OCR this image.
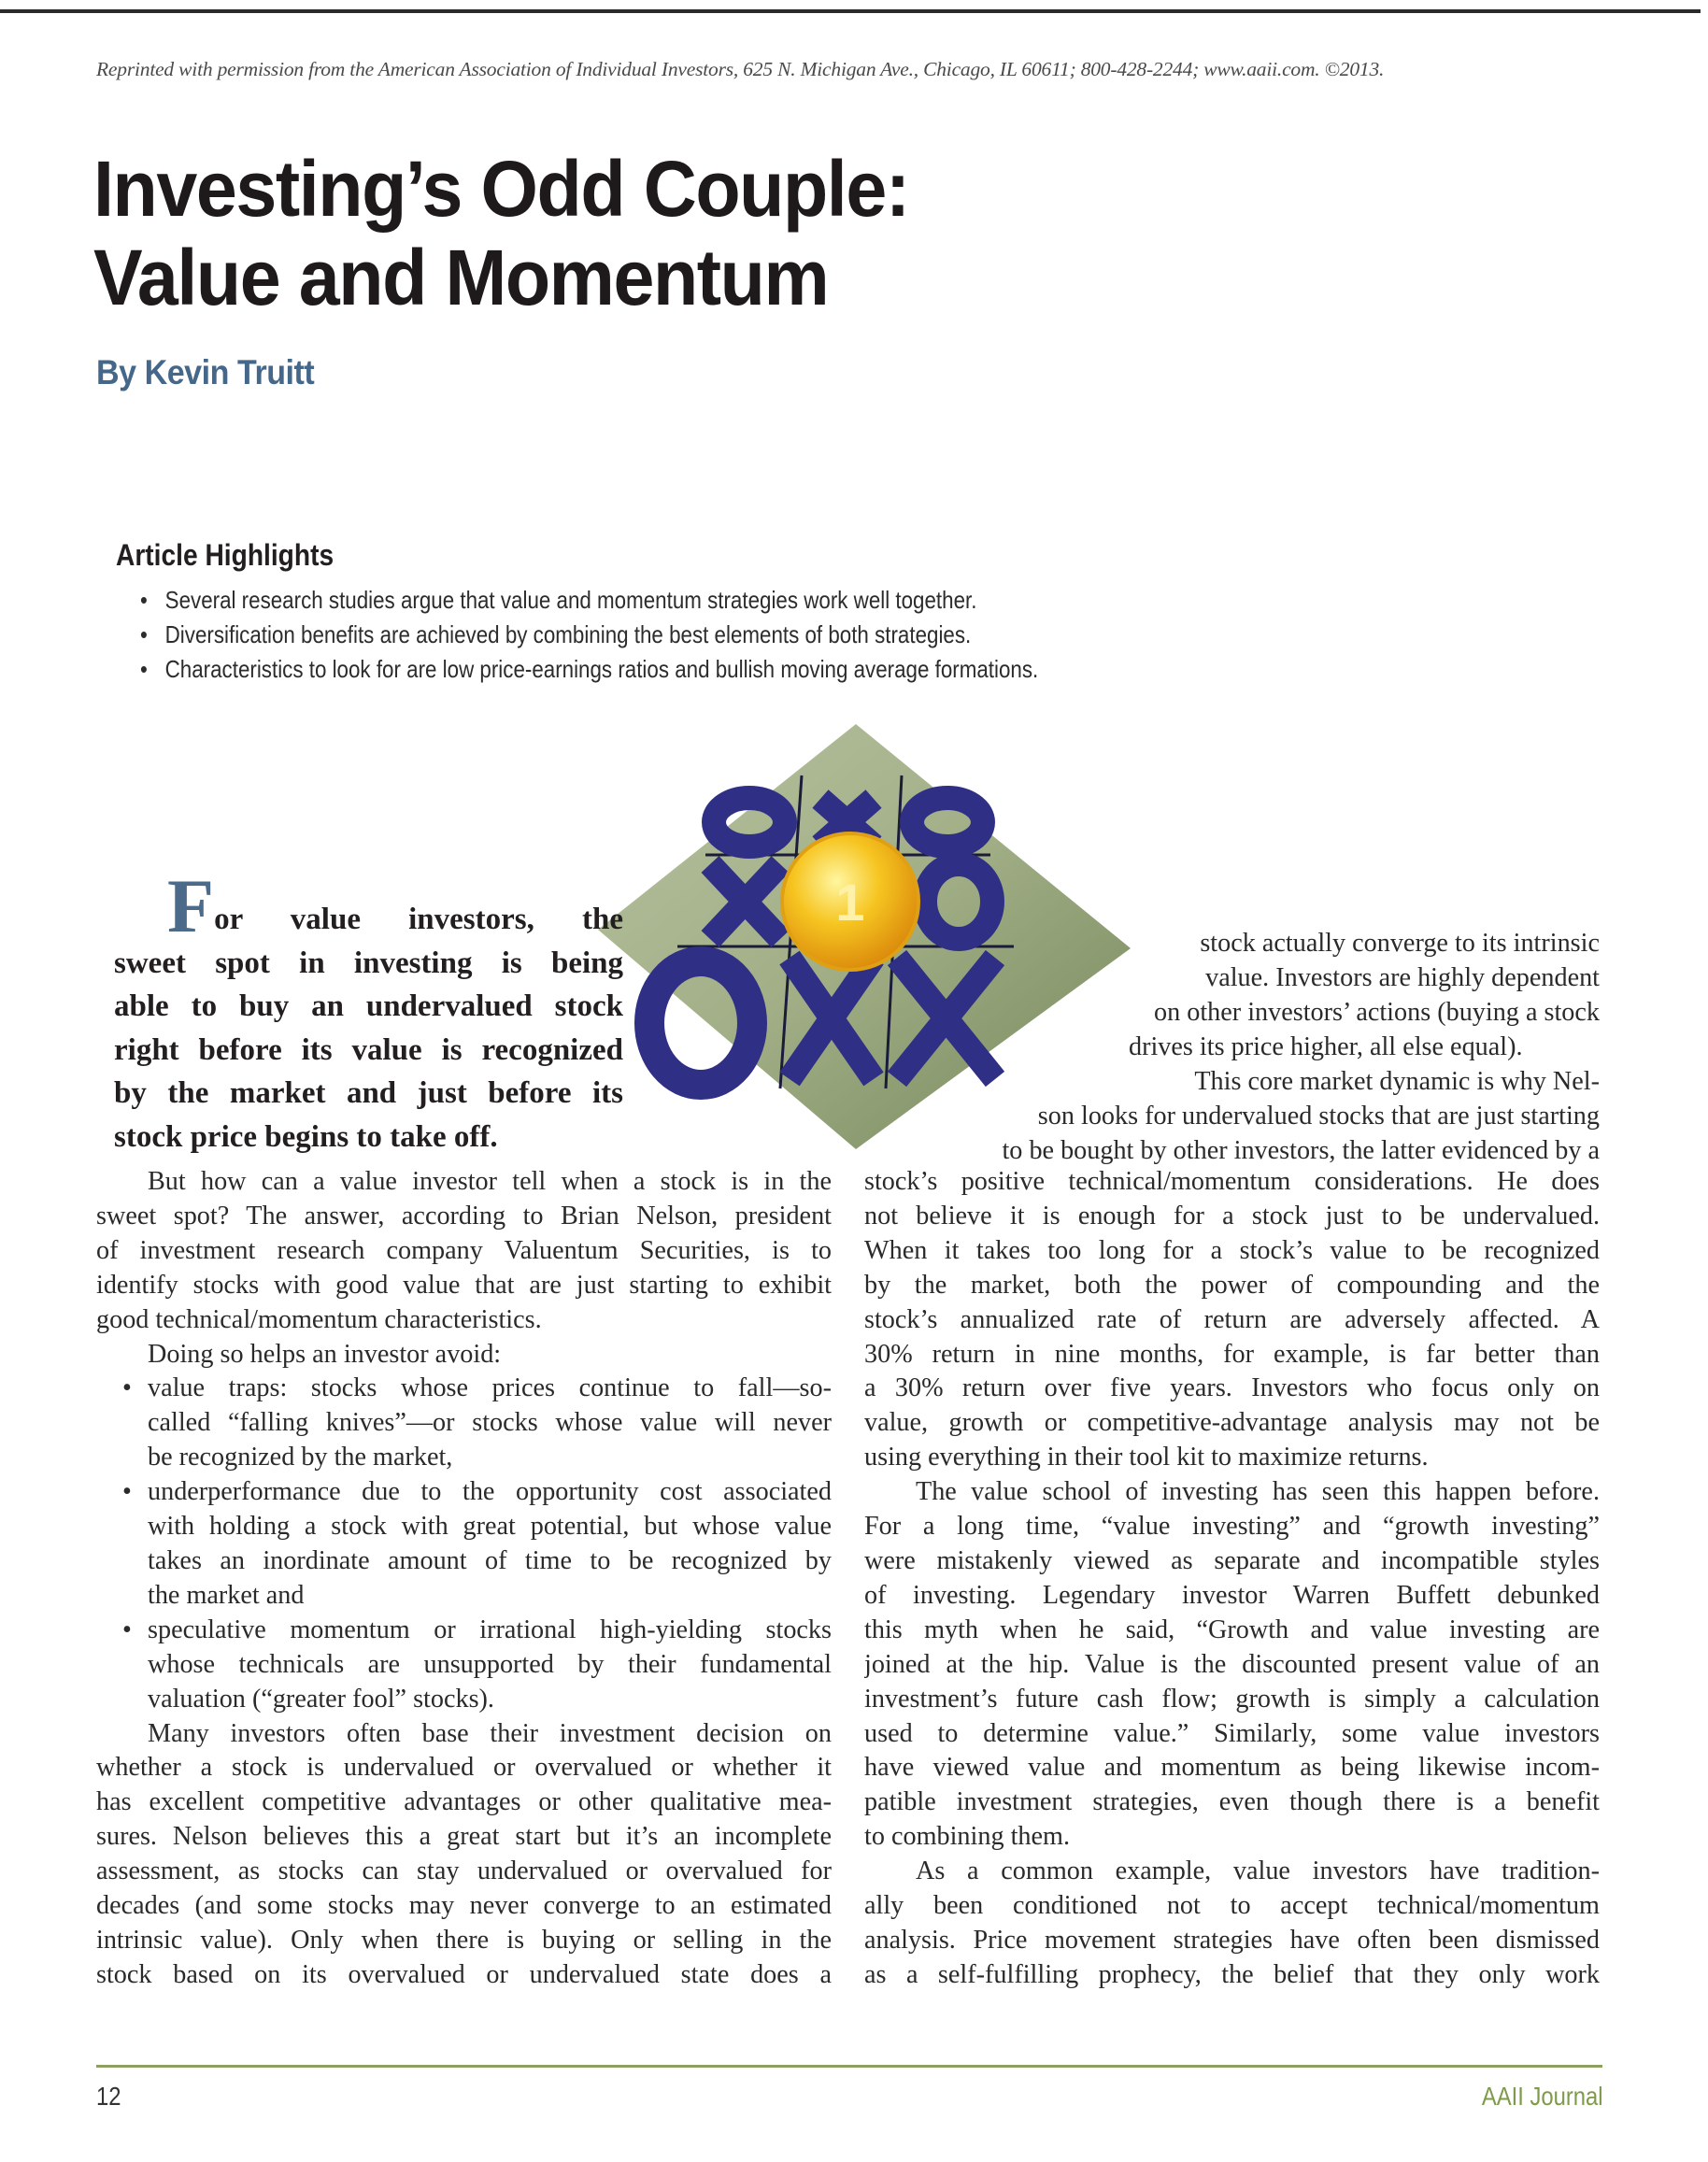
Reprinted with permission from the American Association of Individual Investors, 625 N. Michigan Ave., Chicago, IL 60611; 800-428-2244; www.aaii.com. ©2013.
Investing’s Odd Couple:
Value and Momentum
By Kevin Truitt
Article Highlights
• Several research studies argue that value and momentum strategies work well together.
• Diversification benefits are achieved by combining the best elements of both strategies.
• Characteristics to look for are low price-earnings ratios and bullish moving average formations.
1
For value investors, the
sweet spot in investing is being
able to buy an undervalued stock
right before its value is recognized
by the market and just before its
stock price begins to take off.

But how can a value investor tell when a stock is in the
sweet spot? The answer, according to Brian Nelson, president
of investment research company Valuentum Securities, is to
identify stocks with good value that are just starting to exhibit
good technical/momentum characteristics.

Doing so helps an investor avoid:

• value traps: stocks whose prices continue to fall—so-
called “falling knives”—or stocks whose value will never
be recognized by the market,
• underperformance due to the opportunity cost associated
with holding a stock with great potential, but whose value
takes an inordinate amount of time to be recognized by
the market and
• speculative momentum or irrational high-yielding stocks
whose technicals are unsupported by their fundamental
valuation (“greater fool” stocks).

Many investors often base their investment decision on
whether a stock is undervalued or overvalued or whether it
has excellent competitive advantages or other qualitative mea-
sures. Nelson believes this a great start but it’s an incomplete
assessment, as stocks can stay undervalued or overvalued for
decades (and some stocks may never converge to an estimated
intrinsic value). Only when there is buying or selling in the
stock based on its overvalued or undervalued state does a

stock actually converge to its intrinsic
value. Investors are highly dependent
on other investors’ actions (buying a stock
drives its price higher, all else equal).
This core market dynamic is why Nel-
son looks for undervalued stocks that are just starting
to be bought by other investors, the latter evidenced by a

stock’s positive technical/momentum considerations. He does
not believe it is enough for a stock just to be undervalued.
When it takes too long for a stock’s value to be recognized
by the market, both the power of compounding and the
stock’s annualized rate of return are adversely affected. A
30% return in nine months, for example, is far better than
a 30% return over five years. Investors who focus only on
value, growth or competitive-advantage analysis may not be
using everything in their tool kit to maximize returns.

The value school of investing has seen this happen before.
For a long time, “value investing” and “growth investing”
were mistakenly viewed as separate and incompatible styles
of investing. Legendary investor Warren Buffett debunked
this myth when he said, “Growth and value investing are
joined at the hip. Value is the discounted present value of an
investment’s future cash flow; growth is simply a calculation
used to determine value.” Similarly, some value investors
have viewed value and momentum as being likewise incom-
patible investment strategies, even though there is a benefit
to combining them.

As a common example, value investors have tradition-
ally been conditioned not to accept technical/momentum
analysis. Price movement strategies have often been dismissed
as a self-fulfilling prophecy, the belief that they only work

12	AAII Journal
